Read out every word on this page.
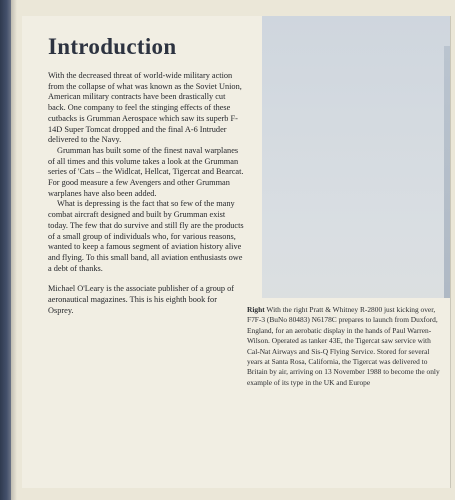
Introduction

With the decreased threat of world-wide military action from the collapse of what was known as the Soviet Union, American military contracts have been drastically cut back. One company to feel the stinging effects of these cutbacks is Grumman Aerospace which saw its superb F-14D Super Tomcat dropped and the final A-6 Intruder delivered to the Navy.

Grumman has built some of the finest naval warplanes of all times and this volume takes a look at the Grumman series of 'Cats – the Widlcat, Hellcat, Tigercat and Bearcat. For good measure a few Avengers and other Grumman warplanes have also been added.

What is depressing is the fact that so few of the many combat aircraft designed and built by Grumman exist today. The few that do survive and still fly are the products of a small group of individuals who, for various reasons, wanted to keep a famous segment of aviation history alive and flying. To this small band, all aviation enthusiasts owe a debt of thanks.

Michael O'Leary is the associate publisher of a group of aeronautical magazines. This is his eighth book for Osprey.	Right With the right Pratt & Whitney R-2800 just kicking over, F7F-3 (BuNo 80483) N6178C prepares to launch from Duxford, England, for an aerobatic display in the hands of Paul Warren-Wilson. Operated as tanker 43E, the Tigercat saw service with Cal-Nat Airways and Sis-Q Flying Service. Stored for several years at Santa Rosa, California, the Tigercat was delivered to Britain by air, arriving on 13 November 1988 to become the only example of its type in the UK and Europe
